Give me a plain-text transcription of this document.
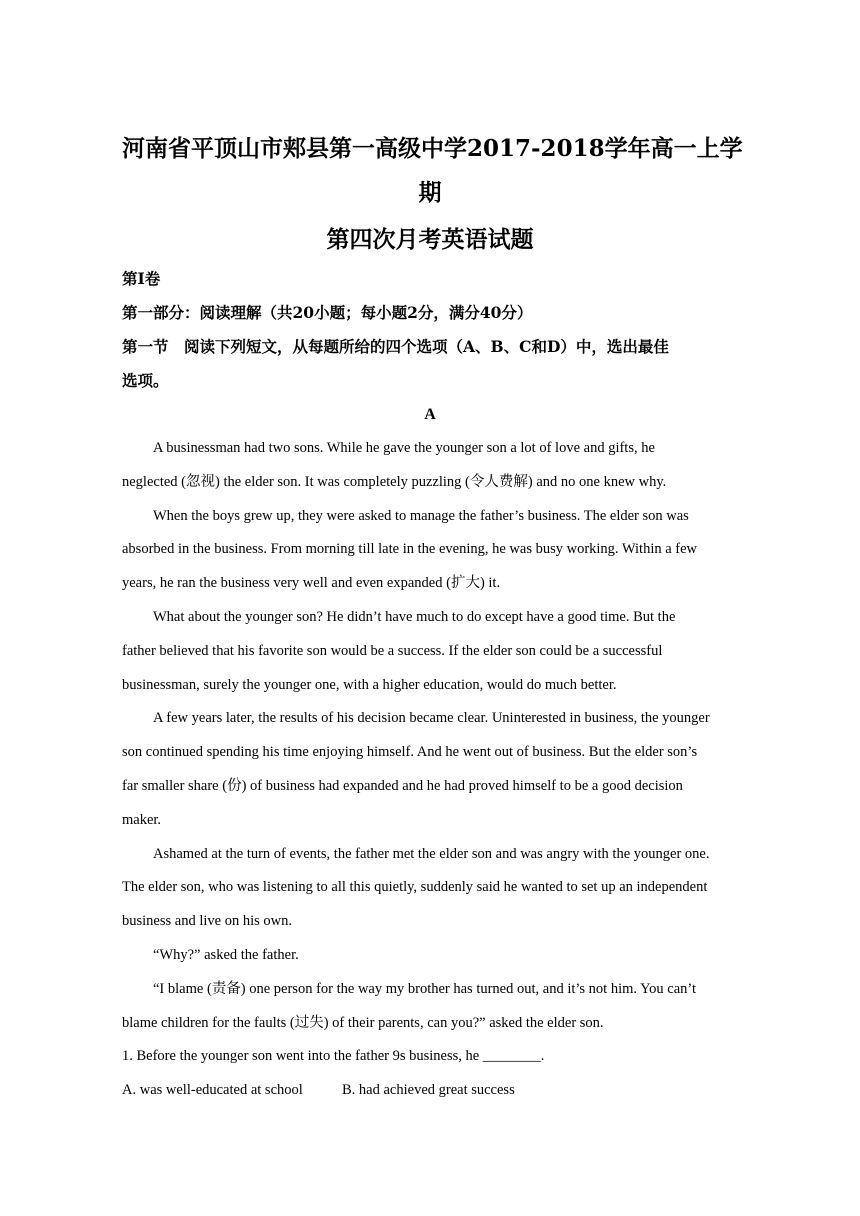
河南省平顶山市郏县第一高级中学2017-2018学年高一上学
期
第四次月考英语试题
第Ⅰ卷
第一部分：阅读理解（共20小题；每小题2分，满分40分）
第一节　阅读下列短文，从每题所给的四个选项（A、B、C和D）中，选出最佳
选项。
A
A businessman had two sons. While he gave the younger son a lot of love and gifts, he
neglected (忽视) the elder son. It was completely puzzling (令人费解) and no one knew why.
When the boys grew up, they were asked to manage the father’s business. The elder son was
absorbed in the business. From morning till late in the evening, he was busy working. Within a few
years, he ran the business very well and even expanded (扩大) it.
What about the younger son? He didn’t have much to do except have a good time. But the
father believed that his favorite son would be a success. If the elder son could be a successful
businessman, surely the younger one, with a higher education, would do much better.
A few years later, the results of his decision became clear. Uninterested in business, the younger
son continued spending his time enjoying himself. And he went out of business. But the elder son’s
far smaller share (份) of business had expanded and he had proved himself to be a good decision
maker.
Ashamed at the turn of events, the father met the elder son and was angry with the younger one.
The elder son, who was listening to all this quietly, suddenly said he wanted to set up an independent
business and live on his own.
“Why?” asked the father.
“I blame (责备) one person for the way my brother has turned out, and it’s not him. You can’t
blame children for the faults (过失) of their parents, can you?” asked the elder son.
1. Before the younger son went into the father 9s business, he ________.
A. was well-educated at school	B. had achieved great success
